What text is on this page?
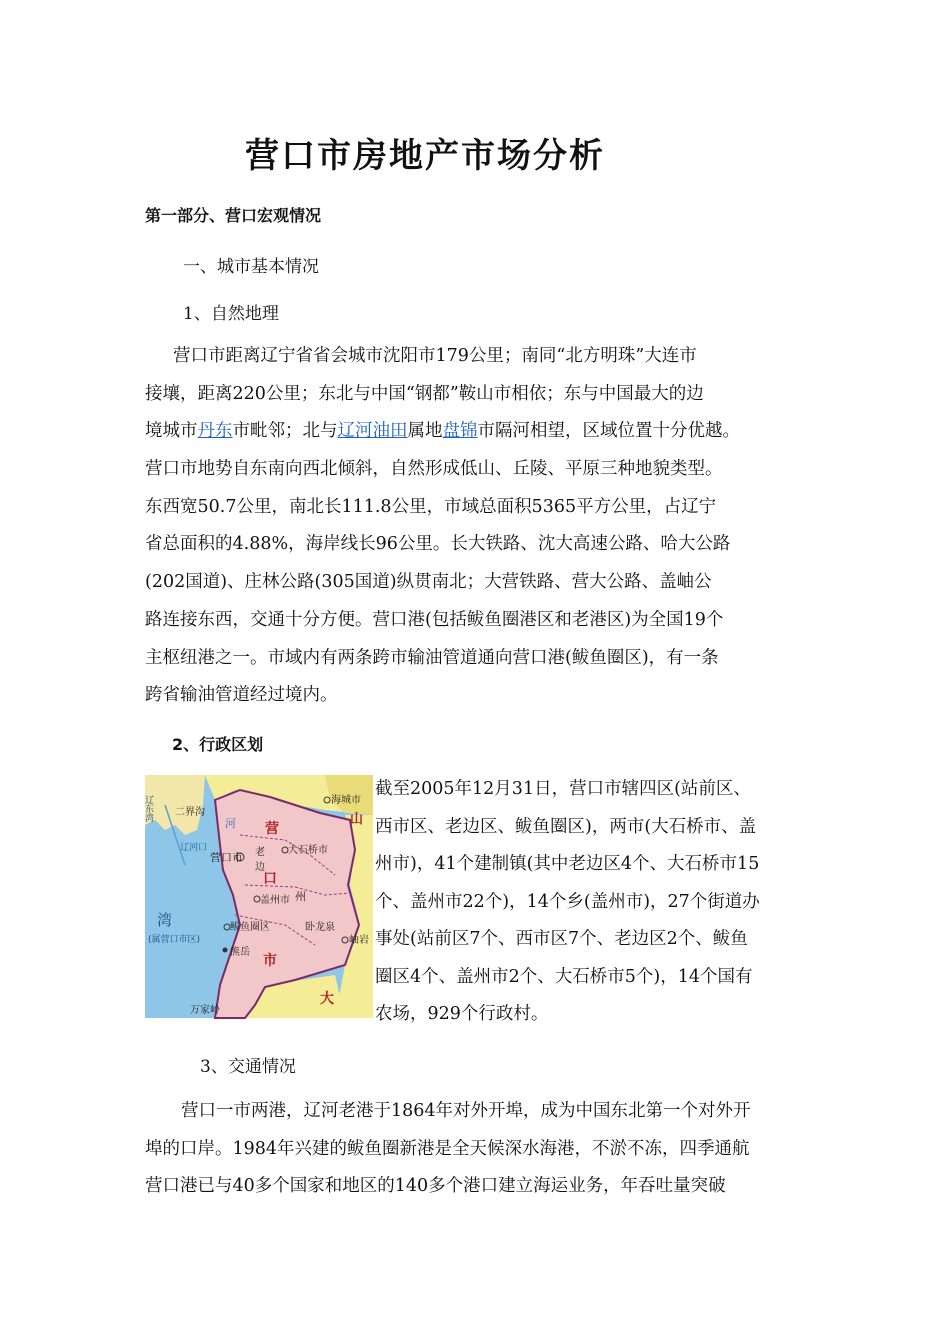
营口市房地产市场分析
第一部分、营口宏观情况
一、城市基本情况
1、自然地理
营口市距离辽宁省省会城市沈阳市179公里；南同“北方明珠”大连市
接壤，距离220公里；东北与中国“钢都”鞍山市相依；东与中国最大的边
境城市丹东市毗邻；北与辽河油田属地盘锦市隔河相望，区域位置十分优越。
营口市地势自东南向西北倾斜，自然形成低山、丘陵、平原三种地貌类型。
东西宽50.7公里，南北长111.8公里，市域总面积5365平方公里，占辽宁
省总面积的4.88%，海岸线长96公里。长大铁路、沈大高速公路、哈大公路
(202国道)、庄林公路(305国道)纵贯南北；大营铁路、营大公路、盖岫公
路连接东西，交通十分方便。营口港(包括鲅鱼圈港区和老港区)为全国19个
主枢纽港之一。市域内有两条跨市输油管道通向营口港(鲅鱼圈区)，有一条
跨省输油管道经过境内。
2、行政区划
海城市
山
二界沟
河 营
大石桥市
辽河口
营口市 老
边
口
盖州市 州
鲅鱼圈区	卧龙泉
湾
(属营口市区)	岫岩
熊岳
市
大
万家岭
辽东湾
截至2005年12月31日，营口市辖四区(站前区、
西市区、老边区、鲅鱼圈区)，两市(大石桥市、盖
州市)，41个建制镇(其中老边区4个、大石桥市15
个、盖州市22个)，14个乡(盖州市)，27个街道办
事处(站前区7个、西市区7个、老边区2个、鲅鱼
圈区4个、盖州市2个、大石桥市5个)，14个国有
农场，929个行政村。
3、交通情况
营口一市两港，辽河老港于1864年对外开埠，成为中国东北第一个对外开
埠的口岸。1984年兴建的鲅鱼圈新港是全天候深水海港，不淤不冻，四季通航
营口港已与40多个国家和地区的140多个港口建立海运业务，年吞吐量突破
